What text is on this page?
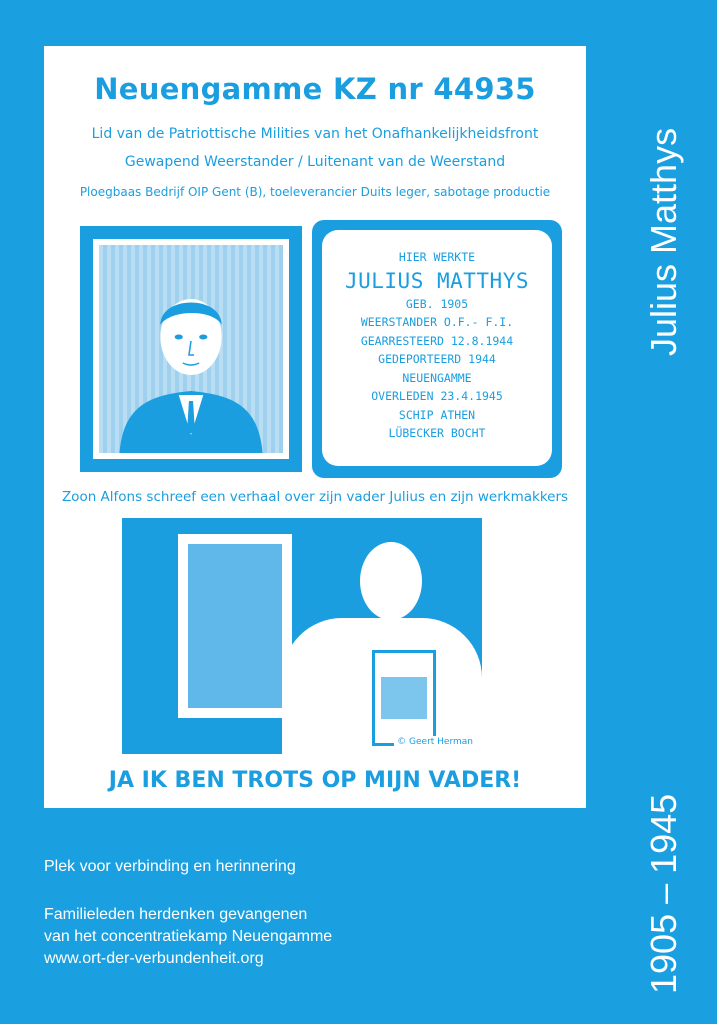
Neuengamme KZ nr 44935
Lid van de Patriottische Milities van het Onafhankelijkheidsfront
Gewapend Weerstander / Luitenant van de Weerstand
Ploegbaas Bedrijf OIP Gent (B), toeleverancier Duits leger, sabotage productie
HIER WERKTE
JULIUS MATTHYS
GEB. 1905
WEERSTANDER O.F.- F.I.
GEARRESTEERD 12.8.1944
GEDEPORTEERD 1944
NEUENGAMME
OVERLEDEN 23.4.1945
SCHIP ATHEN
LÜBECKER BOCHT
Zoon Alfons schreef een verhaal over zijn vader Julius en zijn werkmakkers
© Geert Herman
JA IK BEN TROTS OP MIJN VADER!
Plek voor verbinding en herinnering
Familieleden herdenken gevangenen
van het concentratiekamp Neuengamme
www.ort-der-verbundenheit.org
Julius Matthys
1905 – 1945
